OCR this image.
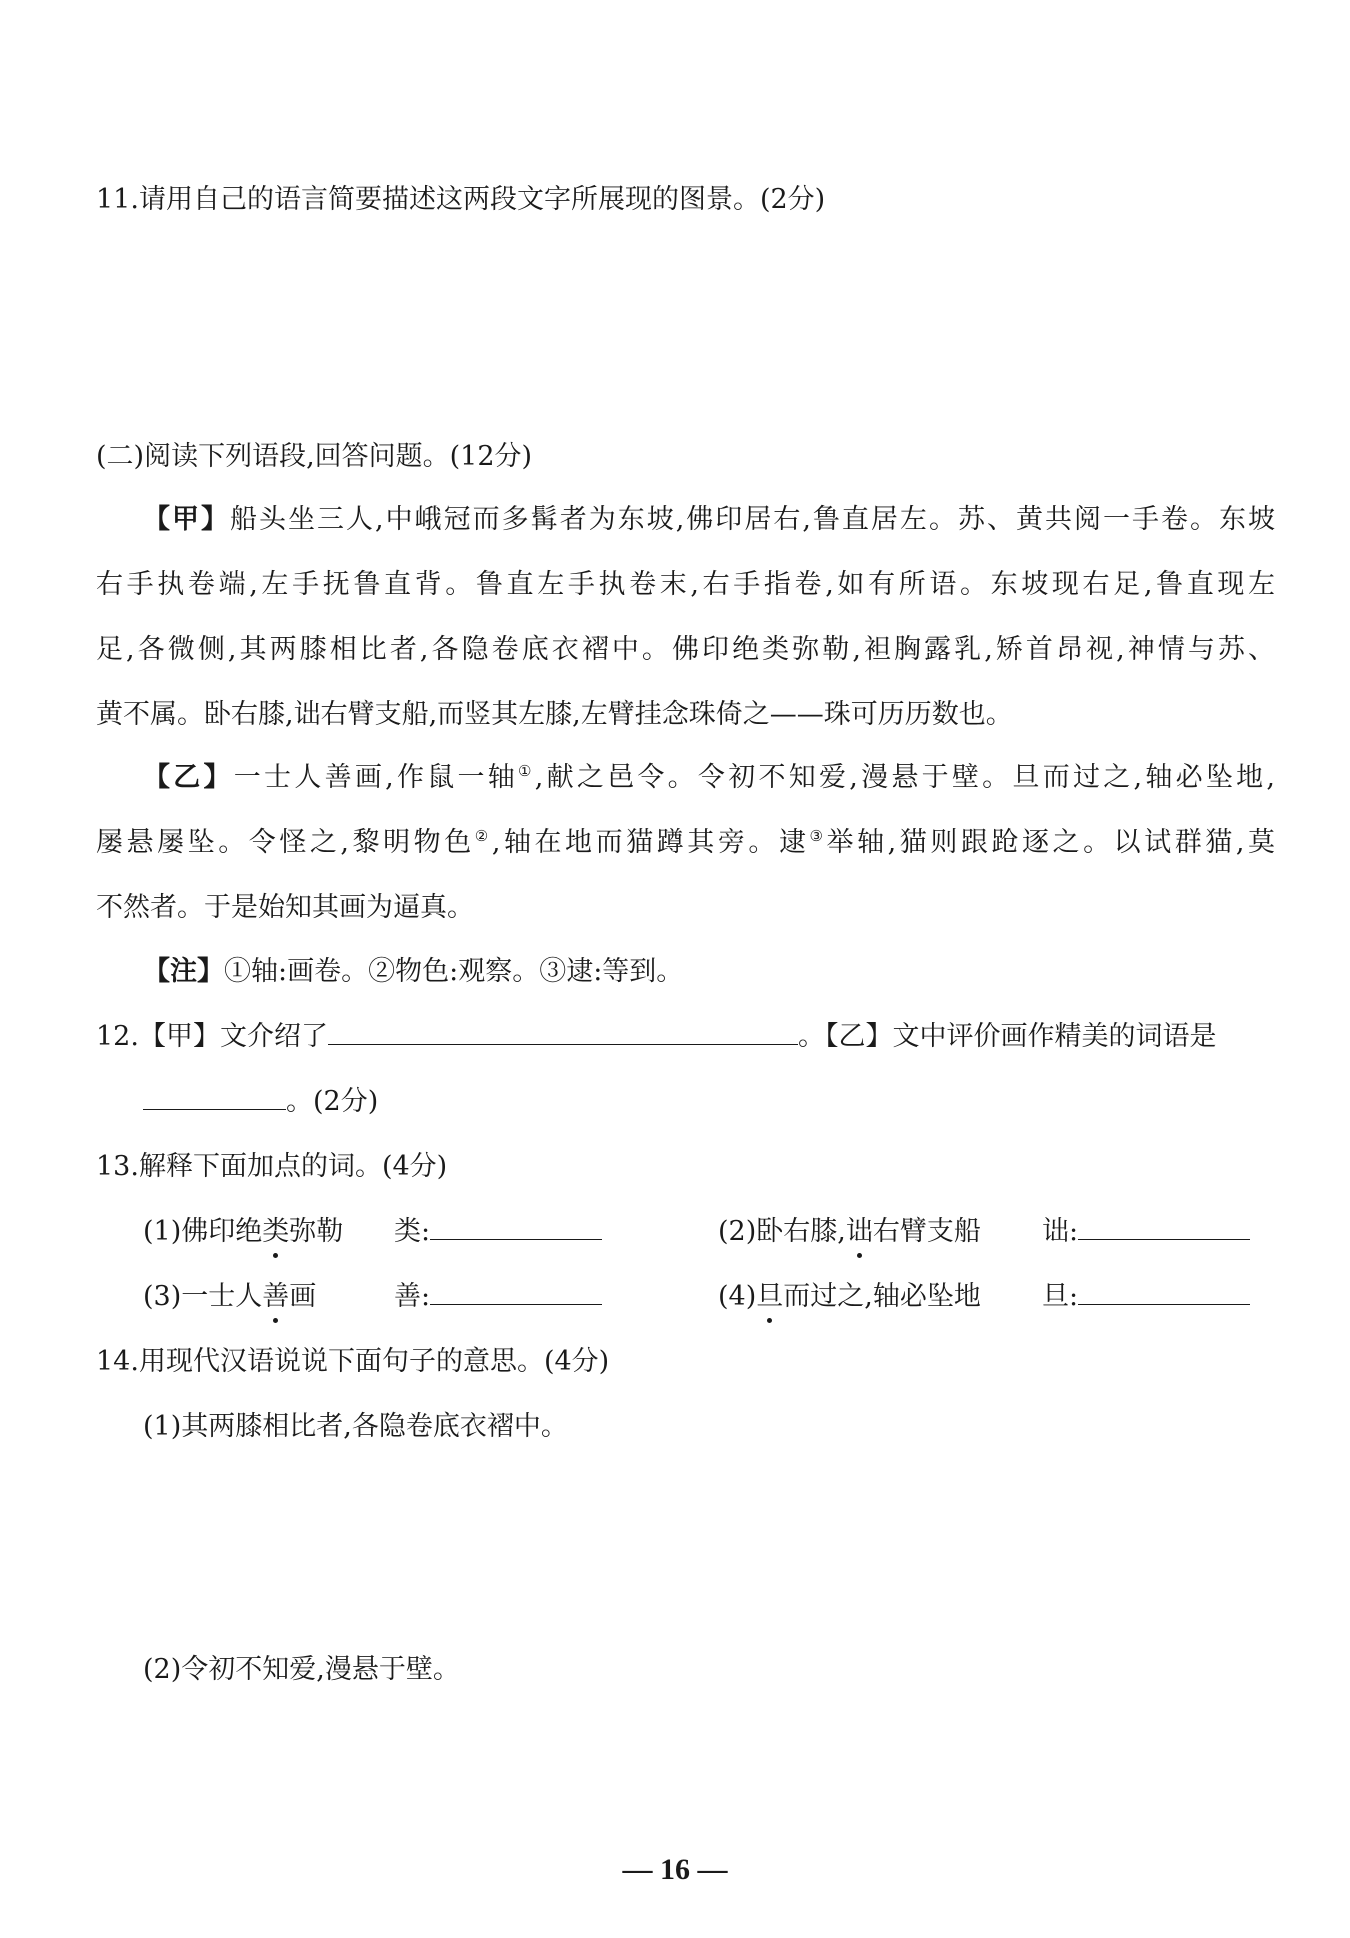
11.请用自己的语言简要描述这两段文字所展现的图景。(2分)
(二)阅读下列语段,回答问题。(12分)
【甲】船头坐三人,中峨冠而多髯者为东坡,佛印居右,鲁直居左。苏、黄共阅一手卷。东坡
右手执卷端,左手抚鲁直背。鲁直左手执卷末,右手指卷,如有所语。东坡现右足,鲁直现左
足,各微侧,其两膝相比者,各隐卷底衣褶中。佛印绝类弥勒,袒胸露乳,矫首昂视,神情与苏、
黄不属。卧右膝,诎右臂支船,而竖其左膝,左臂挂念珠倚之——珠可历历数也。
【乙】一士人善画,作鼠一轴①,献之邑令。令初不知爱,漫悬于壁。旦而过之,轴必坠地,
屡悬屡坠。令怪之,黎明物色②,轴在地而猫蹲其旁。逮③举轴,猫则跟跄逐之。以试群猫,莫
不然者。于是始知其画为逼真。
【注】①轴:画卷。②物色:观察。③逮:等到。
12.【甲】文介绍了	。【乙】文中评价画作精美的词语是
。(2分)
13.解释下面加点的词。(4分)
(1)佛印绝类弥勒 类:	(2)卧右膝,诎右臂支船 诎:
(3)一士人善画	善:	(4)旦而过之,轴必坠地 旦:
14.用现代汉语说说下面句子的意思。(4分)
(1)其两膝相比者,各隐卷底衣褶中。
(2)令初不知爱,漫悬于壁。
— 16 —
